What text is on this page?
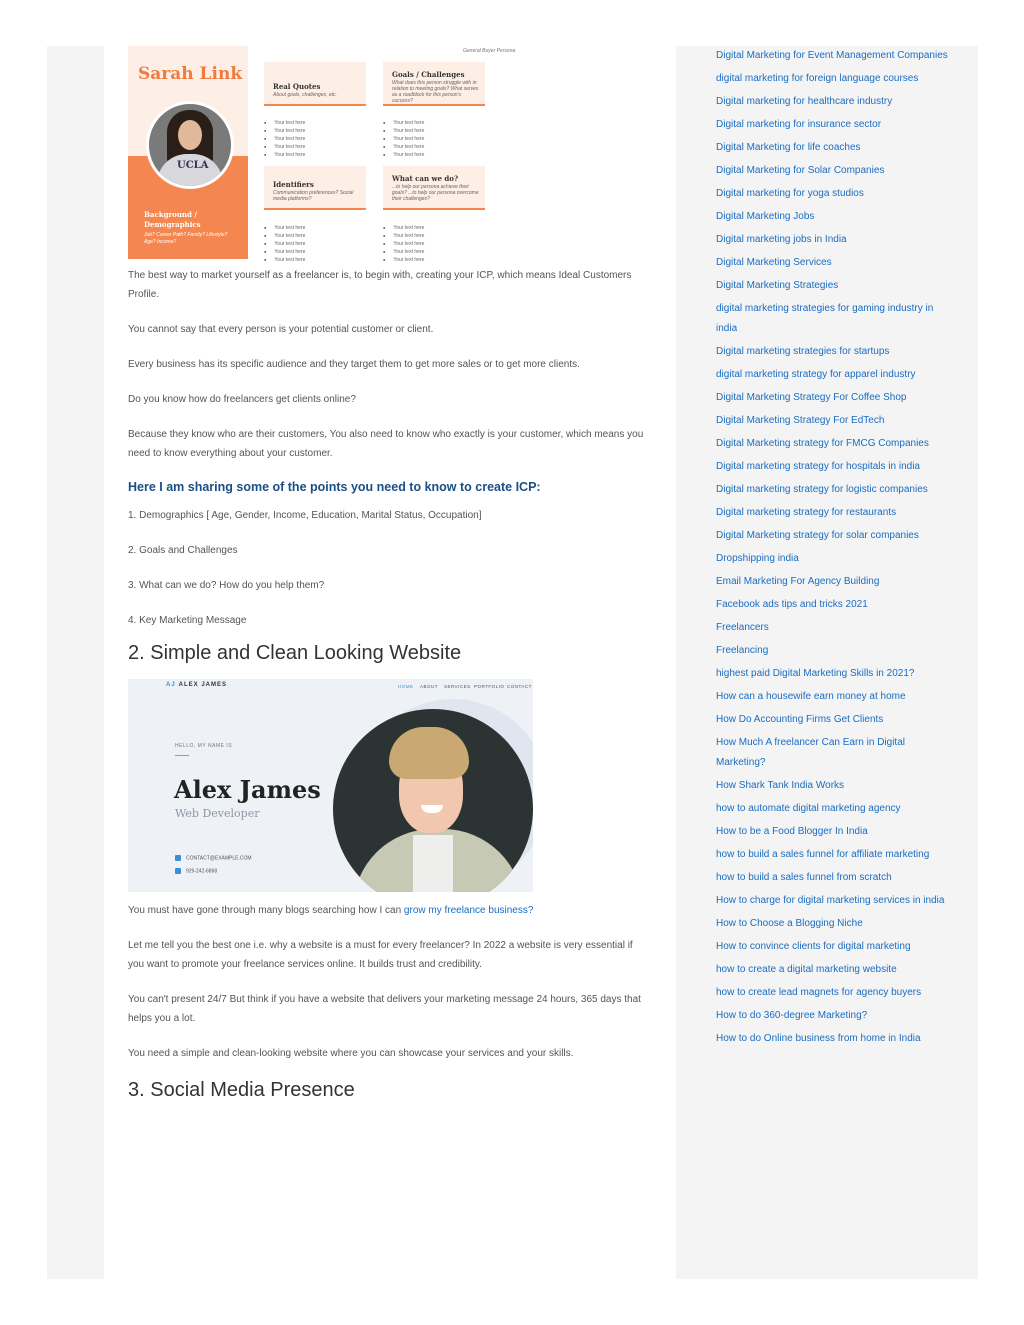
Sarah Link
UCLA
Background / Demographics
Job? Career Path? Family? Lifestyle? Age? Income?
General Buyer Persona
Real Quotes
About goals, challenges, etc.
Goals / Challenges
What does this person struggle with in relation to meeting goals? What serves as a roadblock for this person's success?
● Your text here
● Your text here
● Your text here
● Your text here
● Your text here
● Your text here
● Your text here
● Your text here
● Your text here
● Your text here
Identifiers
Communication preferences? Social media platforms?
What can we do?
...to help our persona achieve their goals? ...to help our persona overcome their challenges?
● Your text here
● Your text here
● Your text here
● Your text here
● Your text here
● Your text here
● Your text here
● Your text here
● Your text here
● Your text here

The best way to market yourself as a freelancer is, to begin with, creating your ICP, which means Ideal Customers Profile.

You cannot say that every person is your potential customer or client.

Every business has its specific audience and they target them to get more sales or to get more clients.

Do you know how do freelancers get clients online?

Because they know who are their customers, You also need to know who exactly is your customer, which means you need to know everything about your customer.

Here I am sharing some of the points you need to know to create ICP:

1. Demographics [ Age, Gender, Income, Education, Marital Status, Occupation]

2. Goals and Challenges

3. What can we do? How do you help them?

4. Key Marketing Message

2. Simple and Clean Looking Website
AJ ALEX JAMES	HOME ABOUT SERVICES PORTFOLIO CONTACT
HELLO, MY NAME IS
Alex James
Web Developer
CONTACT@EXAMPLE.COM
929-242-6868

You must have gone through many blogs searching how I can grow my freelance business?

Let me tell you the best one i.e. why a website is a must for every freelancer? In 2022 a website is very essential if you want to promote your freelance services online. It builds trust and credibility.

You can't present 24/7 But think if you have a website that delivers your marketing message 24 hours, 365 days that helps you a lot.

You need a simple and clean-looking website where you can showcase your services and your skills.

3. Social Media Presence
Digital Marketing for Event Management Companies
digital marketing for foreign language courses
Digital marketing for healthcare industry
Digital marketing for insurance sector
Digital Marketing for life coaches
Digital Marketing for Solar Companies
Digital marketing for yoga studios
Digital Marketing Jobs
Digital marketing jobs in India
Digital Marketing Services
Digital Marketing Strategies
digital marketing strategies for gaming industry in india
Digital marketing strategies for startups
digital marketing strategy for apparel industry
Digital Marketing Strategy For Coffee Shop
Digital Marketing Strategy For EdTech
Digital Marketing strategy for FMCG Companies
Digital marketing strategy for hospitals in india
Digital marketing strategy for logistic companies
Digital marketing strategy for restaurants
Digital Marketing strategy for solar companies
Dropshipping india
Email Marketing For Agency Building
Facebook ads tips and tricks 2021
Freelancers
Freelancing
highest paid Digital Marketing Skills in 2021?
How can a housewife earn money at home
How Do Accounting Firms Get Clients
How Much A freelancer Can Earn in Digital Marketing?
How Shark Tank India Works
how to automate digital marketing agency
How to be a Food Blogger In India
how to build a sales funnel for affiliate marketing
how to build a sales funnel from scratch
How to charge for digital marketing services in india
How to Choose a Blogging Niche
How to convince clients for digital marketing
how to create a digital marketing website
how to create lead magnets for agency buyers
How to do 360-degree Marketing?
How to do Online business from home in India
